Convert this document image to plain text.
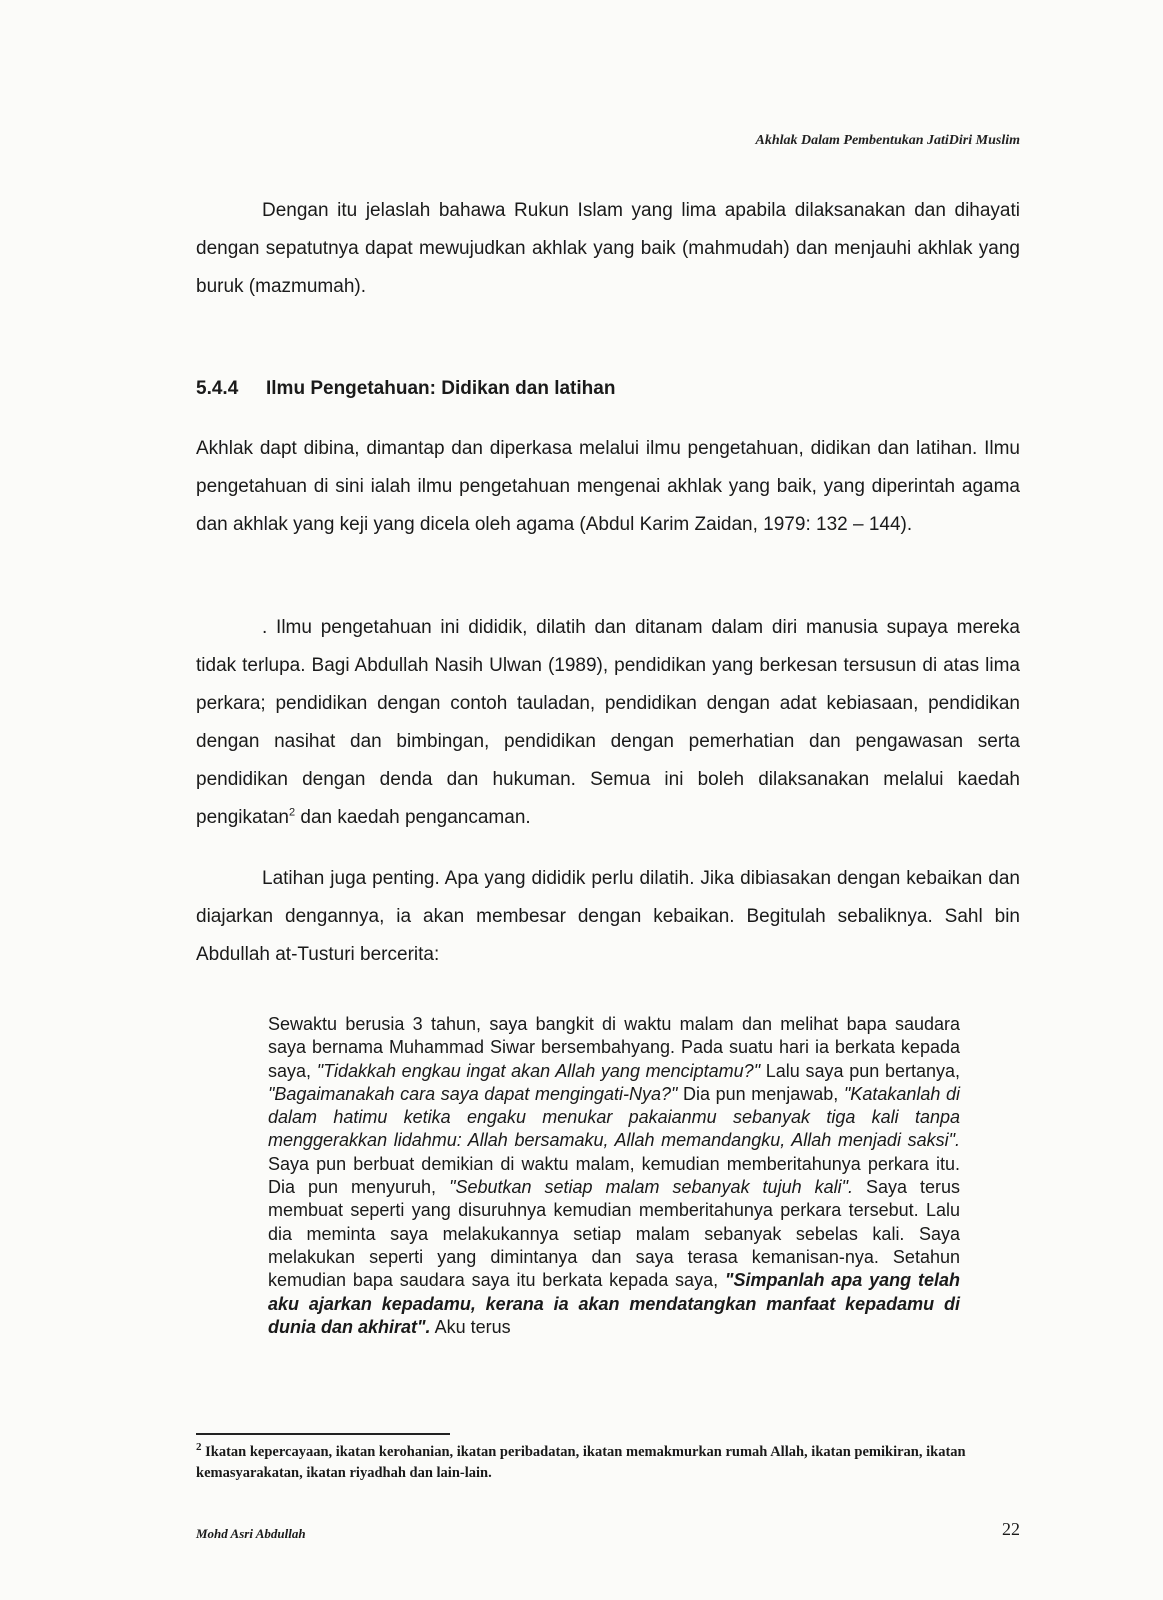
Akhlak Dalam Pembentukan JatiDiri Muslim

Dengan itu jelaslah bahawa Rukun Islam yang lima apabila dilaksanakan dan dihayati dengan sepatutnya dapat mewujudkan akhlak yang baik (mahmudah) dan menjauhi akhlak yang buruk (mazmumah).

5.4.4 Ilmu Pengetahuan: Didikan dan latihan

Akhlak dapt dibina, dimantap dan diperkasa melalui ilmu pengetahuan, didikan dan latihan. Ilmu pengetahuan di sini ialah ilmu pengetahuan mengenai akhlak yang baik, yang diperintah agama dan akhlak yang keji yang dicela oleh agama (Abdul Karim Zaidan, 1979: 132 – 144).

. Ilmu pengetahuan ini dididik, dilatih dan ditanam dalam diri manusia supaya mereka tidak terlupa. Bagi Abdullah Nasih Ulwan (1989), pendidikan yang berkesan tersusun di atas lima perkara; pendidikan dengan contoh tauladan, pendidikan dengan adat kebiasaan, pendidikan dengan nasihat dan bimbingan, pendidikan dengan pemerhatian dan pengawasan serta pendidikan dengan denda dan hukuman. Semua ini boleh dilaksanakan melalui kaedah pengikatan$^2$ dan kaedah pengancaman.

Latihan juga penting. Apa yang dididik perlu dilatih. Jika dibiasakan dengan kebaikan dan diajarkan dengannya, ia akan membesar dengan kebaikan. Begitulah sebaliknya. Sahl bin Abdullah at-Tusturi bercerita:

Sewaktu berusia 3 tahun, saya bangkit di waktu malam dan melihat bapa saudara saya bernama Muhammad Siwar bersembahyang. Pada suatu hari ia berkata kepada saya, "Tidakkah engkau ingat akan Allah yang menciptamu?" Lalu saya pun bertanya, "Bagaimanakah cara saya dapat mengingati-Nya?" Dia pun menjawab, "Katakanlah di dalam hatimu ketika engaku menukar pakaianmu sebanyak tiga kali tanpa menggerakkan lidahmu: Allah bersamaku, Allah memandangku, Allah menjadi saksi". Saya pun berbuat demikian di waktu malam, kemudian memberitahunya perkara itu. Dia pun menyuruh, "Sebutkan setiap malam sebanyak tujuh kali". Saya terus membuat seperti yang disuruhnya kemudian memberitahunya perkara tersebut. Lalu dia meminta saya melakukannya setiap malam sebanyak sebelas kali. Saya melakukan seperti yang dimintanya dan saya terasa kemanisan-nya. Setahun kemudian bapa saudara saya itu berkata kepada saya, "Simpanlah apa yang telah aku ajarkan kepadamu, kerana ia akan mendatangkan manfaat kepadamu di dunia dan akhirat". Aku terus

$^2$ Ikatan kepercayaan, ikatan kerohanian, ikatan peribadatan, ikatan memakmurkan rumah Allah, ikatan pemikiran, ikatan kemasyarakatan, ikatan riyadhah dan lain-lain.

Mohd Asri Abdullah	22
